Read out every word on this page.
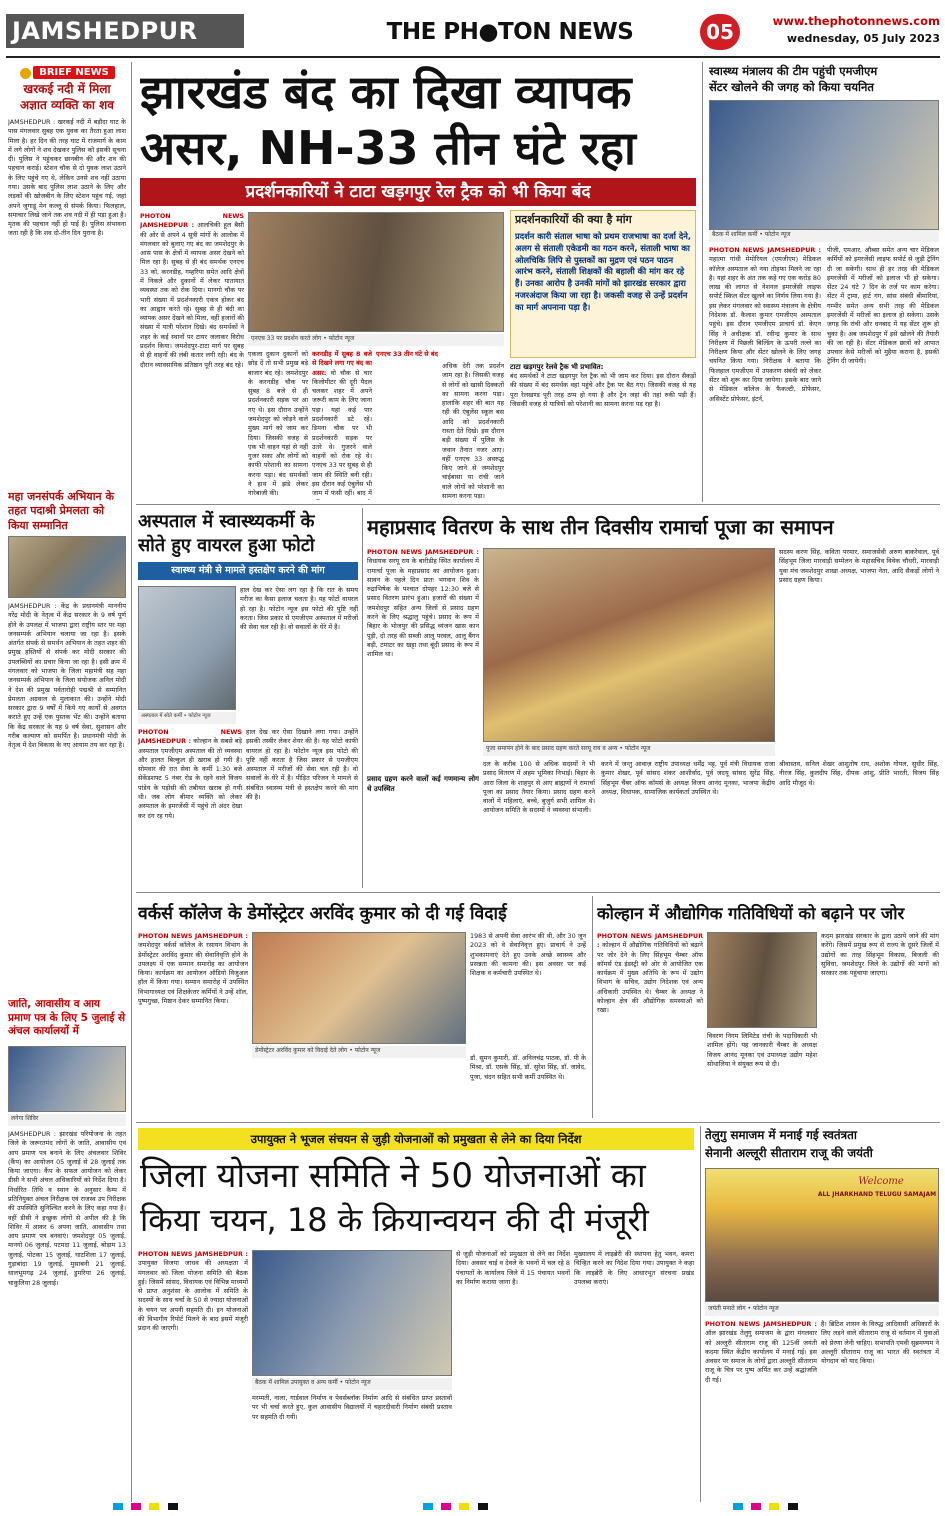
JAMSHEDPUR	THE PH●TON NEWS	05	www.thephotonnews.com
wednesday, 05 July 2023
BRIEF NEWS
खरकई नदी में मिला अज्ञात व्यक्ति का शव
JAMSHEDPUR : खरकई नदी में बड़ौदा घाट के पास मंगलवार सुबह एक युवक का तैरता हुआ लाश मिला है। हर दिन की तरह घाट में राजमार्ग के काम में लगे लोगों ने शव देखकर पुलिस को इसकी सूचना दी। पुलिस ने पहुंचकर छानबीन की और शव की पहचान कराई। स्टेशन चौक से दो युवक लाश उठाने के लिए पहुंचे गए थे, लेकिन उनसे शव नहीं उठाया गया। उसके बाद पुलिस लाश उठाने के लिए और लड़कों की खोजबीन के लिए स्टेशन पहुंच गई, जहां अपने जुगाडू मेन कल्लू से संपर्क किया। फिलहाल, समाचार लिखे जाने तक शव नदी में ही पड़ा हुआ है। मृतक की पहचान नहीं हो पाई है। पुलिस संभावना जता रही है कि शव दो-तीन दिन पुराना है।
महा जनसंपर्क अभियान के तहत पदाश्री प्रेमलता को किया सम्मानित
JAMSHEDPUR : केंद्र के प्रधानमंत्री माननीय नरेंद्र मोदी के नेतृत्व में केंद्र सरकार के 9 वर्ष पूर्ण होने के उपलक्ष में भाजपा द्वारा राष्ट्रीय स्तर पर महा जनसम्पर्क अभियान चलाया जा रहा है। इसके अंतर्गत संपर्क से समर्थन अभियान के तहत शहर की प्रमुख हस्तियों से संपर्क कर मोदी सरकार की उपलब्धियों का प्रचार किया जा रहा है। इसी क्रम में मंगलवार को भाजपा के जिला महामंत्री सह महा जनसम्पर्क अभियान के जिला संयोजक अनिल मोदी ने देश की प्रमुख पर्वतारोही पद्मश्री से सम्मानित प्रेमलता अग्रवाल से मुलाकात की। उन्होंने मोदी सरकार द्वारा 9 वर्षों में किये गए कार्यों से अवगत कराते हुए उन्हें एक पुस्तक भेंट की। उन्होंने बताया कि केंद्र सरकार के यह 9 वर्ष सेवा, सुशासन और गरीब कल्याण को समर्पित है। प्रधानमंत्री मोदी के नेतृत्व में देश विकास के नए आयाम तय कर रहा है।
जाति, आवासीय व आय प्रमाण पत्र के लिए 5 जुलाई से अंचल कार्यालयों में
लगेगा शिविर
JAMSHEDPUR : झारखंड परियोजना के तहत जिले के जरूरतमंद लोगों के जाति, आवासीय एवं आय प्रमाण पत्र बनाने के लिए अंचलवार शिविर (कैंप) का आयोजन 05 जुलाई से 28 जुलाई तक किया जाएगा। कैंप के सफल आयोजन को लेकर डीसी ने सभी अंचल अधिकारियों को निर्देश दिया है। निर्धारित तिथि व स्थान के अनुसार कैम्प में प्रतिनियुक्त अंचल निरीक्षक एवं राजस्व उप निरीक्षक की उपस्थिति सुनिश्चित करने के लिए कहा गया है। वहीं डीसी ने इच्छुक लोगों से अपील की है कि शिविर में आकर 6 अपना जाति, आवासीय तथा आय प्रमाण पत्र बनवाएं। जमशेदपुर 05 जुलाई, मानगो 06 जुलाई, पटमदा 11 जुलाई, बोड़ाम 13 जुलाई, पोटका 15 जुलाई, घाटशिला 17 जुलाई, गुड़ाबांदा 19 जुलाई, मुसाबनी 21 जुलाई, धालभूमगढ़ 24 जुलाई, डुमरिया 26 जुलाई, चाकुलिया 28 जुलाई।
झारखंड बंद का दिखा व्यापक
असर, NH-33 तीन घंटे रहा
प्रदर्शनकारियों ने टाटा खड़गपुर रेल ट्रैक को भी किया बंद
PHOTON NEWS JAMSHEDPUR : आलचिकी हूल बैसी की ओर से अपने 4 सूत्री मांगों के आलोक में मंगलवार को बुलाए गए बंद का जमशेदपुर के आस पास के क्षेत्रों में व्यापक असर देखने को मिल रहा है। सुबह से ही बंद समर्थक एनएच 33 को, करनडीह, गम्हरिया समेत आदि क्षेत्रों में निकले और दुकानों में लेकर यातायात व्यवस्था तक को रोक दिया। मानगो चौक पर भारी संख्या में प्रदर्शनकारी एकत्र होकर बंद का आह्वान करते रहे। सुबह से ही बंदी का व्यापक असर देखने को मिला, वहीं हजारों की संख्या में यात्री परेशान दिखे। बंद समर्थकों ने शहर के कई स्थानों पर टायर जलाकर विरोध प्रदर्शन किया। जमशेदपुर-टाटा मार्ग पर सुबह से ही वाहनों की लंबी कतार लगी रही। बंद के दौरान व्यावसायिक प्रतिष्ठान पूरी तरह बंद रहे।
एनएच 33 पर प्रदर्शन करते लोग • फोटोन न्यूज
प्रदर्शनकारियों की क्या है मांग
प्रदर्शन कारी संताल भाषा को प्रथम राजभाषा का दर्जा देने, अलग से संताली एकेडमी का गठन करने, संताली भाषा का ओलचिकि लिपि से पुस्तकों का मुद्रण एवं पठन पाठन आरंभ करने, संताली शिक्षकों की बहाली की मांग कर रहे हैं। उनका आरोप है उनकी मांगों को झारखंड सरकार द्वारा नजरअंदाज किया जा रहा है। जकसी वजह से उन्हें प्रदर्शन का मार्ग अपनाना पड़ा है।
एकला दुकान दुकानों को छोड़ दें तो सभी प्रमुख बड़े बाजार बंद रहे। जमशेदपुर के करनडीह चौक पर सुबह 8 बजे से ही प्रदर्शनकारी सड़क पर आ गए थे। इस दौरान उन्होंने जमशेदपुर को जोड़ने वाले मुख्य मार्ग को जाम कर दिया। जिसकी वजह से एक भी वाहन यहां से नहीं गुजर सका और लोगों को काफी परेशानी का सामना करना पड़ा। बंद समर्थकों ने हाथ में झंडे लेकर नारेबाजी की।
करनडीह में सुबह 8 बजे से दिखने लगा गए बंद का असर: वो चौक से चार किलोमीटर की दूरी पैदल चलकर शहर में अपने जरूरी काम के लिए जाना पड़ा। यहां कई पार प्रदर्शनकारी डटे रहे। डिमना चौक पर भी प्रदर्शनकारी सड़क पर उतरे थे। गुजरने वाले वाहनों को रोक रहे थे। एनएच 33 पर सुबह से ही जाम की स्थिति बनी रही। इस दौरान कई एंबुलेंस भी जाम में फंसी रहीं। बाद में
एनएच 33 तीन घंटे से बंद
अधिक देरी तक प्रदर्शन जाम रहा है। जिसकी वजह से लोगों को खासी दिक्कतों का सामना करना पड़ा। हालांकि शहर की बात यह रही की एंबुलेंस स्कूल बस आदि को प्रदर्शनकारी रास्ता देते दिखे। इस दौरान बड़ी संख्या में पुलिस के जवान तैनात नजर आए। वहीं एनएच 33 अवरुद्ध किए जाने से जमशेदपुर चाईबासा या रांची जाने वाले लोगों को परेशानी का सामना करना पड़ा।
टाटा खड़गपुर रेलवे ट्रैक भी प्रभावित:
बंद समर्थकों ने टाटा खड़गपुर रेल ट्रैक को भी जाम कर दिया। इस दौरान सैकड़ों की संख्या में बंद समर्थक वहां पहुंचे और ट्रैक पर बैठ गए। जिसकी वजह से यह पूरा रेलखण्ड पूरी तरह ठप्प हो गया है और ट्रेन जहां की तहां रुकी पड़ी हैं। जिसकी वजह से यात्रियों को परेशानी का सामना करना पड़ रहा है।
स्वास्थ्य मंत्रालय की टीम पहुंची एमजीएम
सेंटर खोलने की जगह को किया चयनित
बैठक में शामिल कर्मी • फोटोन न्यूज
PHOTON NEWS JAMSHEDPUR : महात्मा गांधी मेमोरियल (एमजीएम) मेडिकल कॉलेज अस्पताल को नया तोहफा मिलने जा रहा है। यहां शहर के अंत तक कहे गए एक करोड़ 80 लाख की लागत से नेशनल इमरजेंसी लाइफ सपोर्ट स्किल सेंटर खुलने का निर्णय लिया गया है। इस लेकर मंगलवार को स्वास्थ्य मंत्रालय के क्षेत्रीय निदेशक डॉ. कैलाश कुमार एमजीएम अस्पताल पहुंचे। इस दौरान एमजीएम प्राचार्य डॉ. केएन सिंह ने अधीक्षक डॉ. रवीन्द्र कुमार के साथ निरीक्षण में पिछली बिल्डिंग के ऊपरी तल्ले का निरीक्षण किया और सेंटर खोलने के लिए जगह चयनित किया गया। निरीक्षक ने बताया कि फिलहाल एमजीएम में उपकरण संबंधी को लेकर सेंटर को शुरू कर दिया जायेगा। इसके बाद जाने से मेडिकल कॉलेज के फैकल्टी, प्रोफेसर, असिस्टेंट प्रोफेसर, इंटर्न,
पीजी, एमआर, औब्सा समेत अन्य चार मेडिकल कर्मियों को इमरजेंसी लाइफ सपोर्ट से जुड़ी ट्रेनिंग दी जा सकेगी। साथ ही हर तरह की मेडिकल इमरजेंसी में मरीजों को इलाज भी हो सकेगा। सेंटर 24 घंटे 7 दिन के तर्ज पर काम करेगा। सेंटर में ट्रामा, हार्ट गंग, सांस संबंधी बीमारियां, गम्भीर समेत अन्य सभी तरह की मेडिकल इमरजेंसी में मरीजों का इलाज हो सकेगा। उसके जगह कि रांची और धनबाद में यह सेंटर शुरू हो चुका है। अब जमशेदपुर में इसे खोलने की तैयारी की जा रही है। सेंटर मेडिकल छात्रों को आपात उपचार केसे मरीजों को मुहैया कराना है, इसकी ट्रेनिंग दी जायेगी।
अस्पताल में स्वास्थ्यकर्मी के
सोते हुए वायरल हुआ फोटो
स्वास्थ्य मंत्री से मामले हस्तक्षेप करने की मांग
अस्पताल में सोते कर्मी • फोटोन न्यूज
हाल देख कर ऐसा लग रहा है कि रात के समय मरीज का कैसा इलाज चलता है। यह फोटो वायरल हो रहा है। फोटोन न्यूज इस फोटो की पुष्टि नहीं करता। जिस प्रकार से एमजीएम अस्पताल में मरीजों की सेवा चल रही है। वो सवालों के घेरे में है।
PHOTON NEWS JAMSHEDPUR : कोल्हान के सबसे बड़े अस्पताल एमजीएम अस्पताल की तो व्यवस्था और हालत बिल्कुल ही खराब हो गयी है। सोमवार की रात सेवा के कर्मी 1:30 बजे सेकेंडशफ्ट 5 नंबर रोड के रहने वाले विजय पांडेय के पड़ोसी की तबीयत खराब हो गयी थी। जब लोग बीमार व्यक्ति को लेकर अस्पताल के इमरजेंसी में पहुंचे तो अंदर देखा कर दंग रह गये।
हाल देख कर ऐसा दिखाने लगा गया। उन्होंने इसकी तस्वीर लेकर शेयर की है। यह फोटो काफी वायरल हो रहा है। फोटोन न्यूज इस फोटो की पुष्टि नहीं करता है जिस प्रकार से एमजीएम अस्पताल में मरीजों की सेवा चल रही है। वो सवालों के घेरे में है। पीड़ित परिजन ने मामले से संबंधित स्वास्थ्य मंत्री से हस्तक्षेप करने की मांग की है।
महाप्रसाद वितरण के साथ तीन दिवसीय रामार्चा पूजा का समापन
PHOTON NEWS JAMSHEDPUR : विधायक सरयू राय के बारीडीह स्थित कार्यालय में रामार्चा पूजा के महाप्रसाद का आयोजन हुआ। सावन के पहले दिन प्रातः भगवान शिव के रुद्राभिषेक के पश्चात दोपहर 12:30 बजे से प्रसाद वितरण प्रारंभ हुआ। हजारों की संख्या में जमशेदपुर सहित अन्य जिलों से प्रसाद ग्रहण करने के लिए श्रद्धालु पहुंचे। प्रसाद के रूप में बिहार के भोजपुर की प्रसिद्ध व्यंजन खास कान पूड़ी, दो तरह की सब्जी आलू परवल, आलू बैंगन बड़ी, टमाटर का खट्टा तथा बूंदी प्रसाद के रूप में शामिल था।
पूजा समापन होने के बाद प्रसाद ग्रहण करते सरयू राय व अन्य • फोटोन न्यूज
दल के करीब 100 से अधिक सदस्यों ने भी प्रसाद वितरण में अहम भूमिका निभाई। बिहार के आरा जिला के शाहपुर से आए ब्राह्मणों ने रामार्चा पूजा का प्रसाद तैयार किया। प्रसाद ग्रहण करने वालों में महिलाएं, बच्चे, बुजुर्ग सभी शामिल थे। आयोजन समिति के सदस्यों ने व्यवस्था संभाली।
प्रसाद ग्रहण करने वालों कई गणमान्य लोग थे उपस्थित
करने में जन्तु आवाज़ राष्ट्रीय उपाध्यक्ष धर्मेंद्र भट्ट, पूर्व मंत्री विधायक राजा कुमार शेखर, पूर्व सांसद शंकर आशीर्वाद, पूर्व जदयू सांसद सुरेंद्र सिंह, सिंहभूम चैंबर ऑफ कॉमर्स के अध्यक्ष विजय आनंद मूनका, भाजपा केंद्रीय अध्यक्ष, विधायक, सामाजिक कार्यकर्ता उपस्थित थे।
श्रीवास्तव, सनिल शेखर आशुतोष राय, अशोक गोयल, सुधीर सिंह, नीरज सिंह, कुलदीप सिंह, दीपक आंशु, प्रीति भारती, विजय सिंह आदि मौजूद थे।
सदस्य करण सिंह, कविता परमार, समाजसेवी अरुण बाकरेवाल, पूर्व सिंहभूम जिला मारवाड़ी सम्मेलन के महासचिव विवेक चौधरी, मारवाड़ी युवा मंच जमशेदपुर शाखा अध्यक्ष, भाजपा नेता, आदि सैकड़ों लोगों ने प्रसाद ग्रहण किया।
वर्कर्स कॉलेज के डेमोंस्ट्रेटर अरविंद कुमार को दी गई विदाई
PHOTON NEWS JAMSHEDPUR : जमशेदपुर वर्कर्स कॉलेज के रसायन विभाग के डेमोंस्ट्रेटर अरविंद कुमार की सेवानिवृत्ति होने के उपलक्ष्य में एक सम्मान समारोह का आयोजन किया। कार्यक्रम का आयोजन ऑडियो विजुअल हॉल में किया गया। सम्मान समारोह में उपस्थित विभागाध्यक्ष एवं शिक्षकेत्तर कर्मियों ने उन्हें शॉल, पुष्पगुच्छ, मिष्ठान देकर सम्मानित किया।
डेमोंस्ट्रेटर अरविंद कुमार को विदाई देते लोग • फोटोन न्यूज
1983 से अपनी सेवा आरंभ की थी, और 30 जून 2023 को वे सेवानिवृत्त हुए। प्राचार्य ने उन्हें शुभकामनाएं देते हुए उनके अच्छे स्वास्थ्य और प्रसन्नता की कामना की। इस अवसर पर कई शिक्षक व कर्मचारी उपस्थित थे।
डॉ. सुमन कुमारी, डॉ. अनिलचंद्र पाठक, डॉ. पी के मिश्रा, डॉ. एसके सिंह, डॉ. सुरेश सिंह, डॉ. जावेद, पूजा, चंदन सहित सभी कर्मी उपस्थित थे।
कोल्हान में औद्योगिक गतिविधियों को बढ़ाने पर जोर
PHOTON NEWS JAMSHEDPUR : कोल्हान में औद्योगिक गतिविधियों को बढ़ाने पर जोर देने के लिए सिंहभूम चैम्बर ऑफ कॉमर्स एंड इंडस्ट्री को ओर से आयोजित एक कार्यक्रम में मुख्य अतिथि के रूप में उद्योग विभाग के सचिव, उद्योग निदेशक एवं अन्य अधिकारी उपस्थित थे। चैम्बर के अध्यक्ष ने कोल्हान क्षेत्र की औद्योगिक समस्याओं को रखा।
विवरण निगम लिमिटेड रांची के पदाधिकारी भी शामिल होंगे। यह जानकारी चैम्बर के अध्यक्ष विजय आनंद मूनका एवं उपाध्यक्ष उद्योग महेश सोथालिया ने संयुक्त रूप से दी।
कदम झारखंड सरकार के द्वारा उठाये जाने की मांग करेंगे। जिसमें प्रमुख रूप से राज्य के दूसरे जिलों में उद्योगों का तरह सिंहभूम विकास, बिजली की सुविधा, जमशेदपुर जिले के उद्योगों की मांगों को सरकार तक पहुंचाया जाएगा।
उपायुक्त ने भूजल संचयन से जुड़ी योजनाओं को प्रमुखता से लेने का दिया निर्देश
जिला योजना समिति ने 50 योजनाओं का
किया चयन, 18 के क्रियान्वयन की दी मंजूरी
PHOTON NEWS JAMSHEDPUR : उपायुक्त विजया जाधव की अध्यक्षता में मंगलवार को जिला योजना समिति की बैठक हुई। जिसमें सांसद, विधायक एवं विभिन्न माध्यमों से प्राप्त अनुशंसा के आलोक में समिति के सदस्यों के साथ चर्चा के 50 से ज्यादा योजनाओं के चयन पर अपनी सहमति दी। इन योजनाओं की विभागीय रिपोर्ट मिलने के बाद इसमें मंजूरी प्रदान की जाएगी।
बैठक में शामिल उपायुक्त व अन्य कर्मी • फोटोन न्यूज
मरम्मती, नाला, गार्डवाल निर्माण व पेवर्सब्लॉक निर्माण आदि से संबंधित प्राप्त प्रस्तावों पर भी चर्चा करते हुए, कुल आवासीय विद्यालयों में चहारदीवारी निर्माण संबंधी प्रस्ताव पर सहमति दी गयी।
से जुड़ी योजनाओं को प्रमुखता से लेने का निर्देश दिया। अवसर चाई व देवले के भवनों में चल रहे 8 पंचायतों के कार्यालय जिले में 15 पंचायत भवनों का निर्माण कराया जाना है।
मुख्यालय में लाइब्रेरी की स्थापना हेतु भवन, कमरा चिन्हित करने का निदेश दिया गया। उपायुक्त ने कहा कि लाइब्रेरी के लिए आधारभूत संरचना प्रखंड उपलब्ध कराएं।
तेलुगु समाजम में मनाई गई स्वतंत्रता
सेनानी अल्लूरी सीताराम राजू की जयंती
Welcome
ALL JHARKHAND TELUGU SAMAJAM
जयंती मनाते लोग • फोटोन न्यूज
PHOTON NEWS JAMSHEDPUR : ऑल झारखंड तेलुगु समाजम के द्वारा मंगलवार को अल्लूरी सीताराम राजू की 125वीं जयंती कदमा स्थित केंद्रीय कार्यालय में मनाई गई। इस अवसर पर समाज के लोगों द्वारा अल्लूरी सीताराम राजू के चित्र पर पुष्प अर्पित कर उन्हें श्रद्धांजलि दी गई।
है। ब्रिटिश शासन के विरुद्ध आदिवासी अधिकारों के लिए लड़ने वाले सीताराम राजू से वर्तमान में युवाओं को प्रेरणा लेनी चाहिए। सभापति एमवी सुब्रमण्यम ने अल्लूरी सीताराम राजू का भारत की स्वतंत्रता में योगदान को याद किया।
